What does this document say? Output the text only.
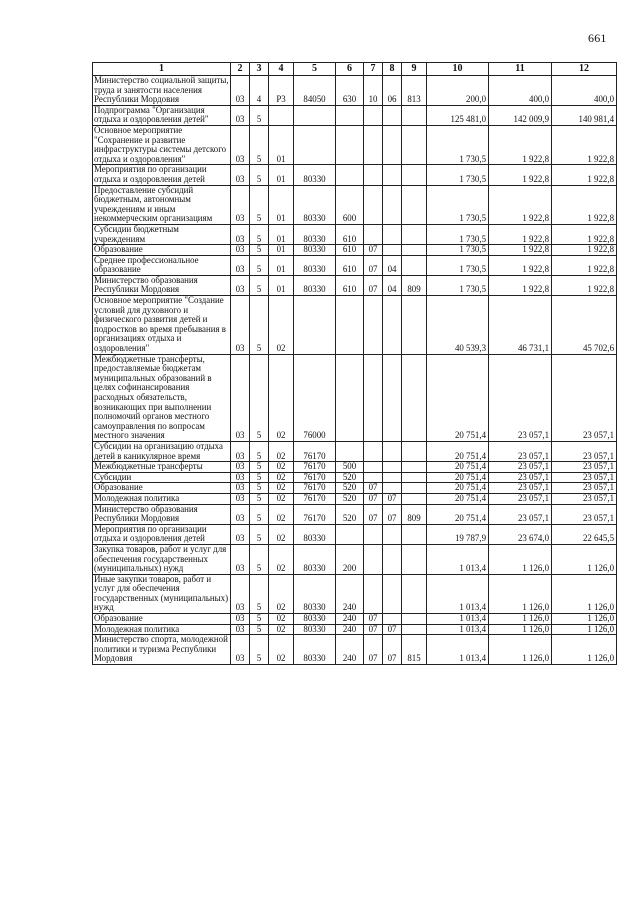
661
1	2	3	4	5	6	7	8	9	10	11	12
Министерство социальной защиты, труда и занятости населения Республики Мордовия	03	4	P3	84050	630	10	06	813	200,0	400,0	400,0
Подпрограмма "Организация отдыха и оздоровления детей"	03	5							125 481,0	142 009,9	140 981,4
Основное мероприятие "Сохранение и развитие инфраструктуры системы детского отдыха и оздоровления"	03	5	01						1 730,5	1 922,8	1 922,8
Мероприятия по организации отдыха и оздоровления детей	03	5	01	80330					1 730,5	1 922,8	1 922,8
Предоставление субсидий бюджетным, автономным учреждениям и иным некоммерческим организациям	03	5	01	80330	600				1 730,5	1 922,8	1 922,8
Субсидии бюджетным учреждениям	03	5	01	80330	610				1 730,5	1 922,8	1 922,8
Образование	03	5	01	80330	610	07			1 730,5	1 922,8	1 922,8
Среднее профессиональное образование	03	5	01	80330	610	07	04		1 730,5	1 922,8	1 922,8
Министерство образования Республики Мордовия	03	5	01	80330	610	07	04	809	1 730,5	1 922,8	1 922,8
Основное мероприятие "Создание условий для духовного и физического развития детей и подростков во время пребывания в организациях отдыха и оздоровления"	03	5	02						40 539,3	46 731,1	45 702,6
Межбюджетные трансферты, предоставляемые бюджетам муниципальных образований в целях софинансирования расходных обязательств, возникающих при выполнении полномочий органов местного самоуправления по вопросам местного значения	03	5	02	76000					20 751,4	23 057,1	23 057,1
Субсидии на организацию отдыха детей в каникулярное время	03	5	02	76170					20 751,4	23 057,1	23 057,1
Межбюджетные трансферты	03	5	02	76170	500				20 751,4	23 057,1	23 057,1
Субсидии	03	5	02	76170	520				20 751,4	23 057,1	23 057,1
Образование	03	5	02	76170	520	07			20 751,4	23 057,1	23 057,1
Молодежная политика	03	5	02	76170	520	07	07		20 751,4	23 057,1	23 057,1
Министерство образования Республики Мордовия	03	5	02	76170	520	07	07	809	20 751,4	23 057,1	23 057,1
Мероприятия по организации отдыха и оздоровления детей	03	5	02	80330					19 787,9	23 674,0	22 645,5
Закупка товаров, работ и услуг для обеспечения государственных (муниципальных) нужд	03	5	02	80330	200				1 013,4	1 126,0	1 126,0
Иные закупки товаров, работ и услуг для обеспечения государственных (муниципальных) нужд	03	5	02	80330	240				1 013,4	1 126,0	1 126,0
Образование	03	5	02	80330	240	07			1 013,4	1 126,0	1 126,0
Молодежная политика	03	5	02	80330	240	07	07		1 013,4	1 126,0	1 126,0
Министерство спорта, молодежной политики и туризма Республики Мордовия	03	5	02	80330	240	07	07	815	1 013,4	1 126,0	1 126,0
